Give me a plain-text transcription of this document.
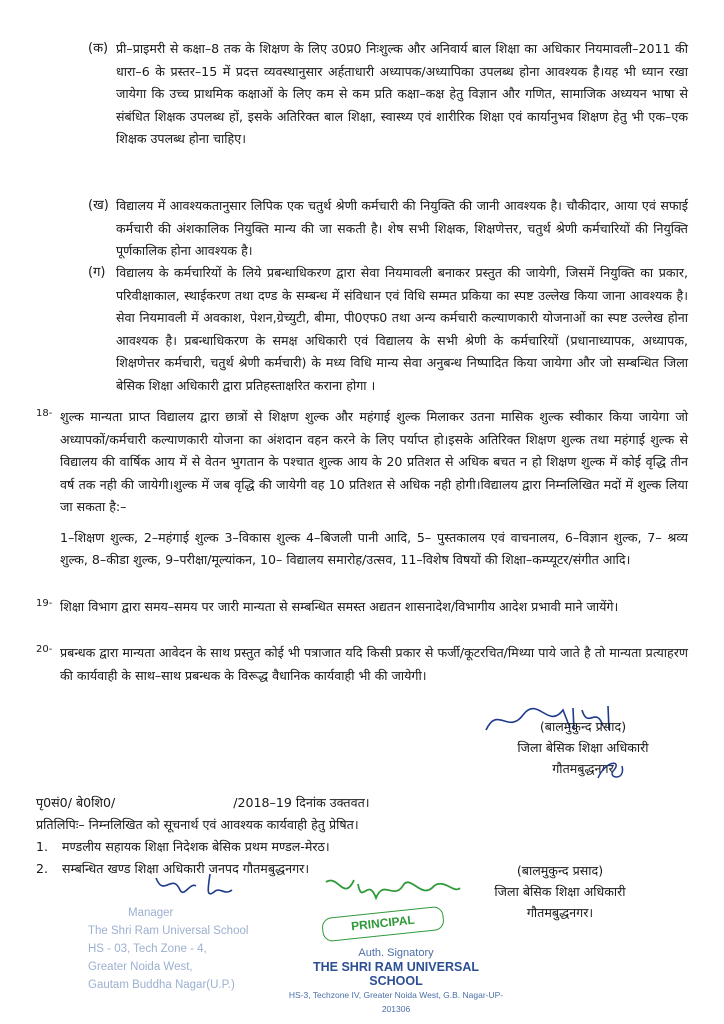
(क) प्री–प्राइमरी से कक्षा–8 तक के शिक्षण के लिए उ0प्र0 निःशुल्क और अनिवार्य बाल शिक्षा का अधिकार नियमावली–2011 की धारा–6 के प्रस्तर–15 में प्रदत्त व्यवस्थानुसार अर्हताधारी अध्यापक/अध्यापिका उपलब्ध होना आवश्यक है।यह भी ध्यान रखा जायेगा कि उच्च प्राथमिक कक्षाओं के लिए कम से कम प्रति कक्षा–कक्ष हेतु विज्ञान और गणित, सामाजिक अध्ययन भाषा से संबंधित शिक्षक उपलब्ध हों, इसके अतिरिक्त बाल शिक्षा, स्वास्थ्य एवं शारीरिक शिक्षा एवं कार्यानुभव शिक्षण हेतु भी एक–एक शिक्षक उपलब्ध होना चाहिए।
(ख) विद्यालय में आवश्यकतानुसार लिपिक एक चतुर्थ श्रेणी कर्मचारी की नियुक्ति की जानी आवश्यक है। चौकीदार, आया एवं सफाई कर्मचारी की अंशकालिक नियुक्ति मान्य की जा सकती है। शेष सभी शिक्षक, शिक्षणेत्तर, चतुर्थ श्रेणी कर्मचारियों की नियुक्ति पूर्णकालिक होना आवश्यक है।
(ग) विद्यालय के कर्मचारियों के लिये प्रबन्धाधिकरण द्वारा सेवा नियमावली बनाकर प्रस्तुत की जायेगी, जिसमें नियुक्ति का प्रकार, परिवीक्षाकाल, स्थाईकरण तथा दण्ड के सम्बन्ध में संविधान एवं विधि सम्मत प्रकिया का स्पष्ट उल्लेख किया जाना आवश्यक है। सेवा नियमावली में अवकाश, पेशन,ग्रेच्युटी, बीमा, पी0एफ0 तथा अन्य कर्मचारी कल्याणकारी योजनाओं का स्पष्ट उल्लेख होना आवश्यक है। प्रबन्धाधिकरण के समक्ष अधिकारी एवं विद्यालय के सभी श्रेणी के कर्मचारियों (प्रधानाध्यापक, अध्यापक, शिक्षणेत्तर कर्मचारी, चतुर्थ श्रेणी कर्मचारी) के मध्य विधि मान्य सेवा अनुबन्ध निष्पादित किया जायेगा और जो सम्बन्धित जिला बेसिक शिक्षा अधिकारी द्वारा प्रतिहस्ताक्षरित कराना होगा ।
18- शुल्क मान्यता प्राप्त विद्यालय द्वारा छात्रों से शिक्षण शुल्क और महंगाई शुल्क मिलाकर उतना मासिक शुल्क स्वीकार किया जायेगा जो अध्यापकों/कर्मचारी कल्याणकारी योजना का अंशदान वहन करने के लिए पर्याप्त हो।इसके अतिरिक्त शिक्षण शुल्क तथा महंगाई शुल्क से विद्यालय की वार्षिक आय में से वेतन भुगतान के पश्चात शुल्क आय के 20 प्रतिशत से अधिक बचत न हो शिक्षण शुल्क में कोई वृद्धि तीन वर्ष तक नही की जायेगी।शुल्क में जब वृद्धि की जायेगी वह 10 प्रतिशत से अधिक नही होगी।विद्यालय द्वारा निम्नलिखित मदों में शुल्क लिया जा सकता है:–
1–शिक्षण शुल्क, 2–महंगाई शुल्क 3–विकास शुल्क 4–बिजली पानी आदि, 5– पुस्तकालय एवं वाचनालय, 6–विज्ञान शुल्क, 7– श्रव्य शुल्क, 8–कीडा शुल्क, 9–परीक्षा/मूल्यांकन, 10– विद्यालय समारोह/उत्सव, 11–विशेष विषयों की शिक्षा–कम्प्यूटर/संगीत आदि।
19- शिक्षा विभाग द्वारा समय–समय पर जारी मान्यता से सम्बन्धित समस्त अद्यतन शासनादेश/विभागीय आदेश प्रभावी माने जायेंगे।
20- प्रबन्धक द्वारा मान्यता आवेदन के साथ प्रस्तुत कोई भी पत्राजात यदि किसी प्रकार से फर्जी/कूटरचित/मिथ्या पाये जाते है तो मान्यता प्रत्याहरण की कार्यवाही के साथ–साथ प्रबन्धक के विरूद्ध वैधानिक कार्यवाही भी की जायेगी।
(बालमुकुन्द प्रसाद)
जिला बेसिक शिक्षा अधिकारी
गौतमबुद्धनगर
पृ0सं0/ बे0शि0/	/2018–19 दिनांक उक्तवत।
प्रतिलिपिः– निम्नलिखित को सूचनार्थ एवं आवश्यक कार्यवाही हेतु प्रेषित।
1.	मण्डलीय सहायक शिक्षा निदेशक बेसिक प्रथम मण्डल-मेरठ।
2.	सम्बन्धित खण्ड शिक्षा अधिकारी जनपद गौतमबुद्धनगर।	(बालमुकुन्द प्रसाद)
जिला बेसिक शिक्षा अधिकारी
गौतमबुद्धनगर।
Manager
The Shri Ram Universal School
HS - 03, Tech Zone - 4,
Greater Noida West,
Gautam Buddha Nagar(U.P.)
PRINCIPAL
Auth. Signatory
THE SHRI RAM UNIVERSAL SCHOOL
HS-3, Techzone IV, Greater Noida West, G.B. Nagar-UP-201306
